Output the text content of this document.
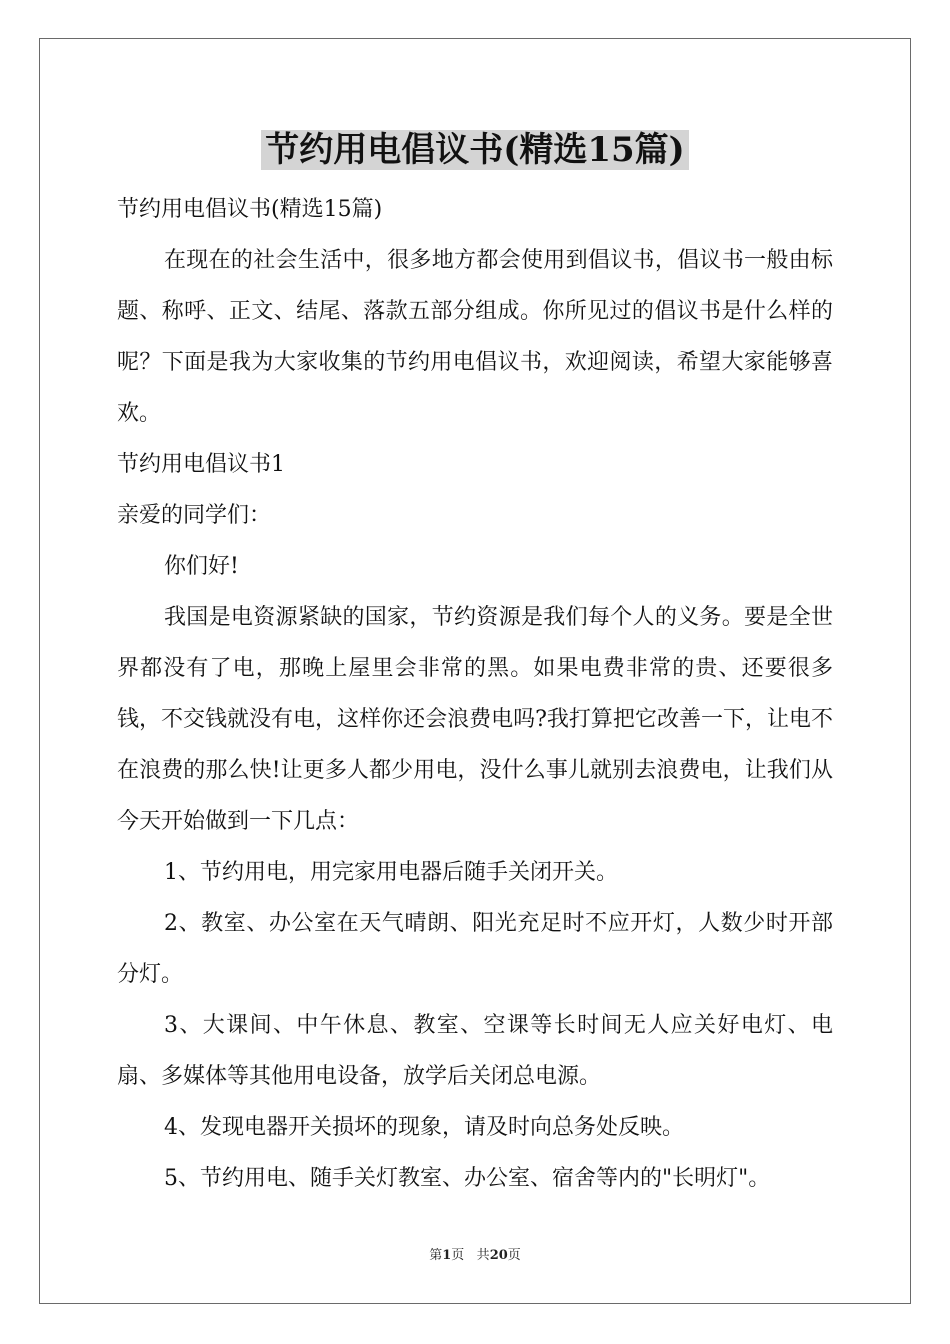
节约用电倡议书(精选15篇)

节约用电倡议书(精选15篇)

在现在的社会生活中，很多地方都会使用到倡议书，倡议书一般由标题、称呼、正文、结尾、落款五部分组成。你所见过的倡议书是什么样的呢？下面是我为大家收集的节约用电倡议书，欢迎阅读，希望大家能够喜欢。

节约用电倡议书1

亲爱的同学们：

你们好!

我国是电资源紧缺的国家，节约资源是我们每个人的义务。要是全世界都没有了电，那晚上屋里会非常的黑。如果电费非常的贵、还要很多钱，不交钱就没有电，这样你还会浪费电吗?我打算把它改善一下，让电不在浪费的那么快!让更多人都少用电，没什么事儿就别去浪费电，让我们从今天开始做到一下几点：

1、节约用电，用完家用电器后随手关闭开关。

2、教室、办公室在天气晴朗、阳光充足时不应开灯，人数少时开部分灯。

3、大课间、中午休息、教室、空课等长时间无人应关好电灯、电扇、多媒体等其他用电设备，放学后关闭总电源。

4、发现电器开关损坏的现象，请及时向总务处反映。

5、节约用电、随手关灯教室、办公室、宿舍等内的"长明灯"。

第1页 共20页
